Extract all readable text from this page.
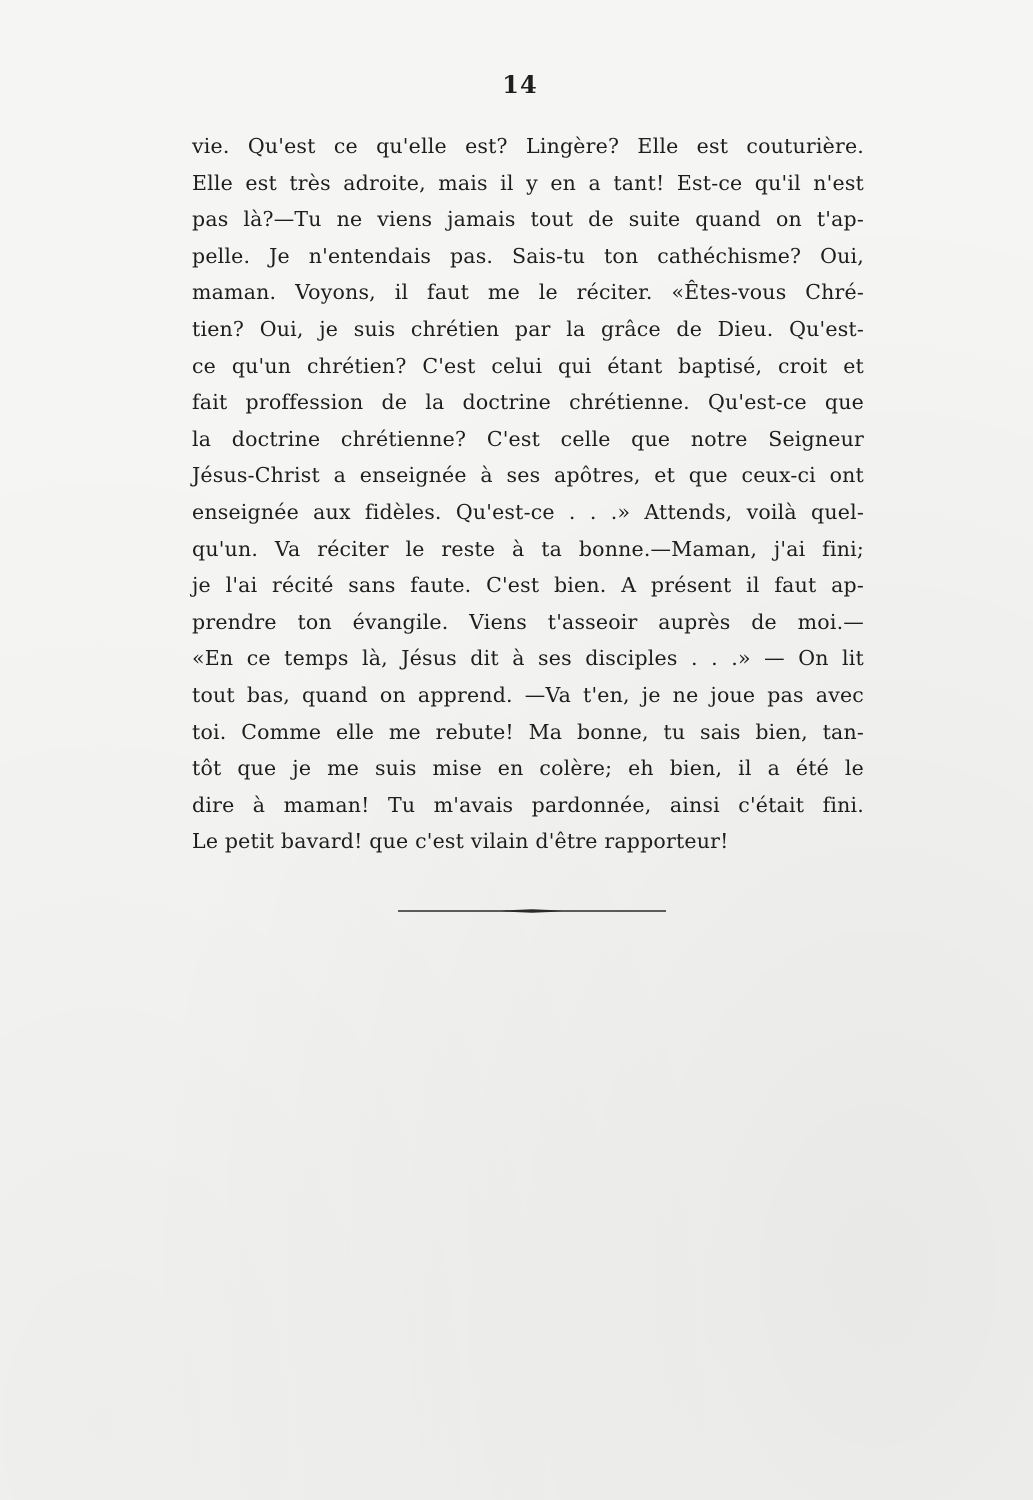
14
vie. Qu'est ce qu'elle est? Lingère? Elle est couturière.
Elle est très adroite, mais il y en a tant! Est-ce qu'il n'est
pas là?—Tu ne viens jamais tout de suite quand on t'ap-
pelle. Je n'entendais pas. Sais-tu ton cathéchisme? Oui,
maman. Voyons, il faut me le réciter. «Êtes-vous Chré-
tien? Oui, je suis chrétien par la grâce de Dieu. Qu'est-
ce qu'un chrétien? C'est celui qui étant baptisé, croit et
fait proffession de la doctrine chrétienne. Qu'est-ce que
la doctrine chrétienne? C'est celle que notre Seigneur
Jésus-Christ a enseignée à ses apôtres, et que ceux-ci ont
enseignée aux fidèles. Qu'est-ce . . .» Attends, voilà quel-
qu'un. Va réciter le reste à ta bonne.—Maman, j'ai fini;
je l'ai récité sans faute. C'est bien. A présent il faut ap-
prendre ton évangile. Viens t'asseoir auprès de moi.—
«En ce temps là, Jésus dit à ses disciples . . .» — On lit
tout bas, quand on apprend. —Va t'en, je ne joue pas avec
toi. Comme elle me rebute! Ma bonne, tu sais bien, tan-
tôt que je me suis mise en colère; eh bien, il a été le
dire à maman! Tu m'avais pardonnée, ainsi c'était fini.
Le petit bavard! que c'est vilain d'être rapporteur!
